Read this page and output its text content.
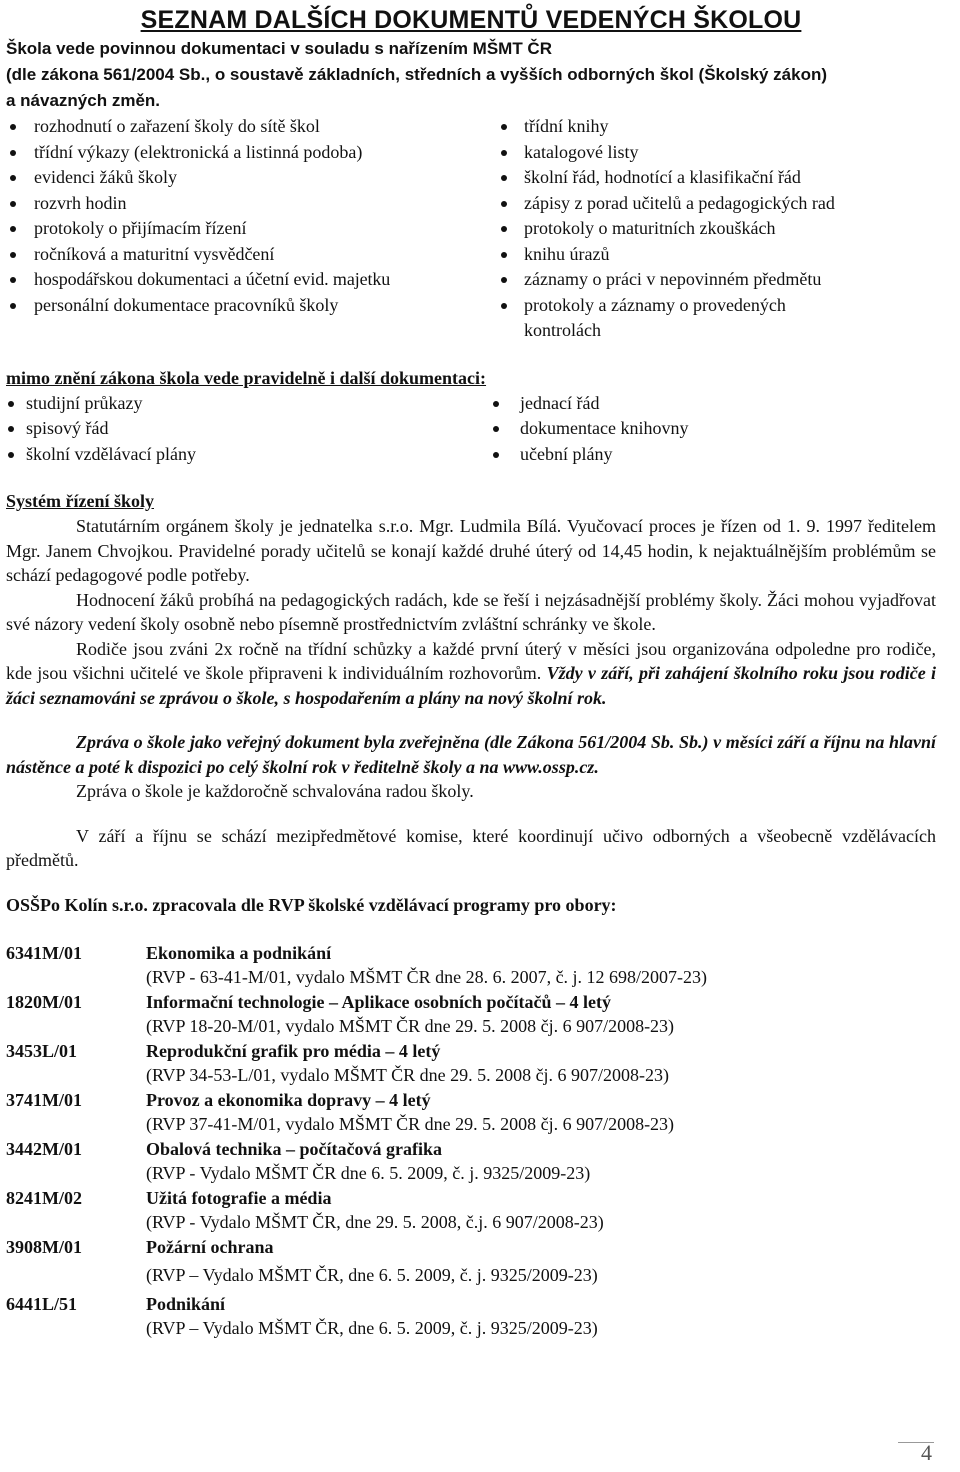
SEZNAM DALŠÍCH DOKUMENTŮ VEDENÝCH ŠKOLOU

Škola vede povinnou dokumentaci v souladu s nařízením MŠMT ČR

(dle zákona 561/2004 Sb., o soustavě základních, středních a vyšších odborných škol (Školský zákon)

a návazných změn.

rozhodnutí o zařazení školy do sítě škol
třídní výkazy (elektronická a listinná podoba)
evidenci žáků školy
rozvrh hodin
protokoly o přijímacím řízení
ročníková a maturitní vysvědčení
hospodářskou dokumentaci a účetní evid. majetku
personální dokumentace pracovníků školy
třídní knihy
katalogové listy
školní řád, hodnotící a klasifikační řád
zápisy z porad učitelů a pedagogických rad
protokoly o maturitních zkouškách
knihu úrazů
záznamy o práci v nepovinném předmětu
protokoly a záznamy o provedených kontrolách

mimo znění zákona škola vede pravidelně i další dokumentaci:

studijní průkazy
spisový řád
školní vzdělávací plány
jednací řád
dokumentace knihovny
učební plány

Systém řízení školy

Statutárním orgánem školy je jednatelka s.r.o. Mgr. Ludmila Bílá. Vyučovací proces je řízen od 1. 9. 1997 ředitelem Mgr. Janem Chvojkou. Pravidelné porady učitelů se konají každé druhé úterý od 14,45 hodin, k nejaktuálnějším problémům se schází pedagogové podle potřeby.

Hodnocení žáků probíhá na pedagogických radách, kde se řeší i nejzásadnější problémy školy. Žáci mohou vyjadřovat své názory vedení školy osobně nebo písemně prostřednictvím zvláštní schránky ve škole.

Rodiče jsou zváni 2x ročně na třídní schůzky a každé první úterý v měsíci jsou organizována odpoledne pro rodiče, kde jsou všichni učitelé ve škole připraveni k individuálním rozhovorům. Vždy v září, při zahájení školního roku jsou rodiče i žáci seznamováni se zprávou o škole, s hospodařením a plány na nový školní rok.

Zpráva o škole jako veřejný dokument byla zveřejněna (dle Zákona 561/2004 Sb. Sb.) v měsíci září a říjnu na hlavní nástěnce a poté k dispozici po celý školní rok v ředitelně školy a na www.ossp.cz.

Zpráva o škole je každoročně schvalována radou školy.

V září a říjnu se schází mezipředmětové komise, které koordinují učivo odborných a všeobecně vzdělávacích předmětů.

OSŠPo Kolín s.r.o. zpracovala dle RVP školské vzdělávací programy pro obory:

6341M/01	Ekonomika a podnikání
(RVP - 63-41-M/01, vydalo MŠMT ČR dne 28. 6. 2007, č. j. 12 698/2007-23)
1820M/01	Informační technologie – Aplikace osobních počítačů – 4 letý
(RVP 18-20-M/01, vydalo MŠMT ČR dne 29. 5. 2008 čj. 6 907/2008-23)
3453L/01	Reprodukční grafik pro média – 4 letý
(RVP 34-53-L/01, vydalo MŠMT ČR dne 29. 5. 2008 čj. 6 907/2008-23)
3741M/01	Provoz a ekonomika dopravy – 4 letý
(RVP 37-41-M/01, vydalo MŠMT ČR dne 29. 5. 2008 čj. 6 907/2008-23)
3442M/01	Obalová technika – počítačová grafika
(RVP - Vydalo MŠMT ČR dne 6. 5. 2009, č. j. 9325/2009-23)
8241M/02	Užitá fotografie a média
(RVP - Vydalo MŠMT ČR, dne 29. 5. 2008, č.j. 6 907/2008-23)
3908M/01	Požární ochrana
(RVP – Vydalo MŠMT ČR, dne 6. 5. 2009, č. j. 9325/2009-23)
6441L/51	Podnikání
(RVP – Vydalo MŠMT ČR, dne 6. 5. 2009, č. j. 9325/2009-23)
4
